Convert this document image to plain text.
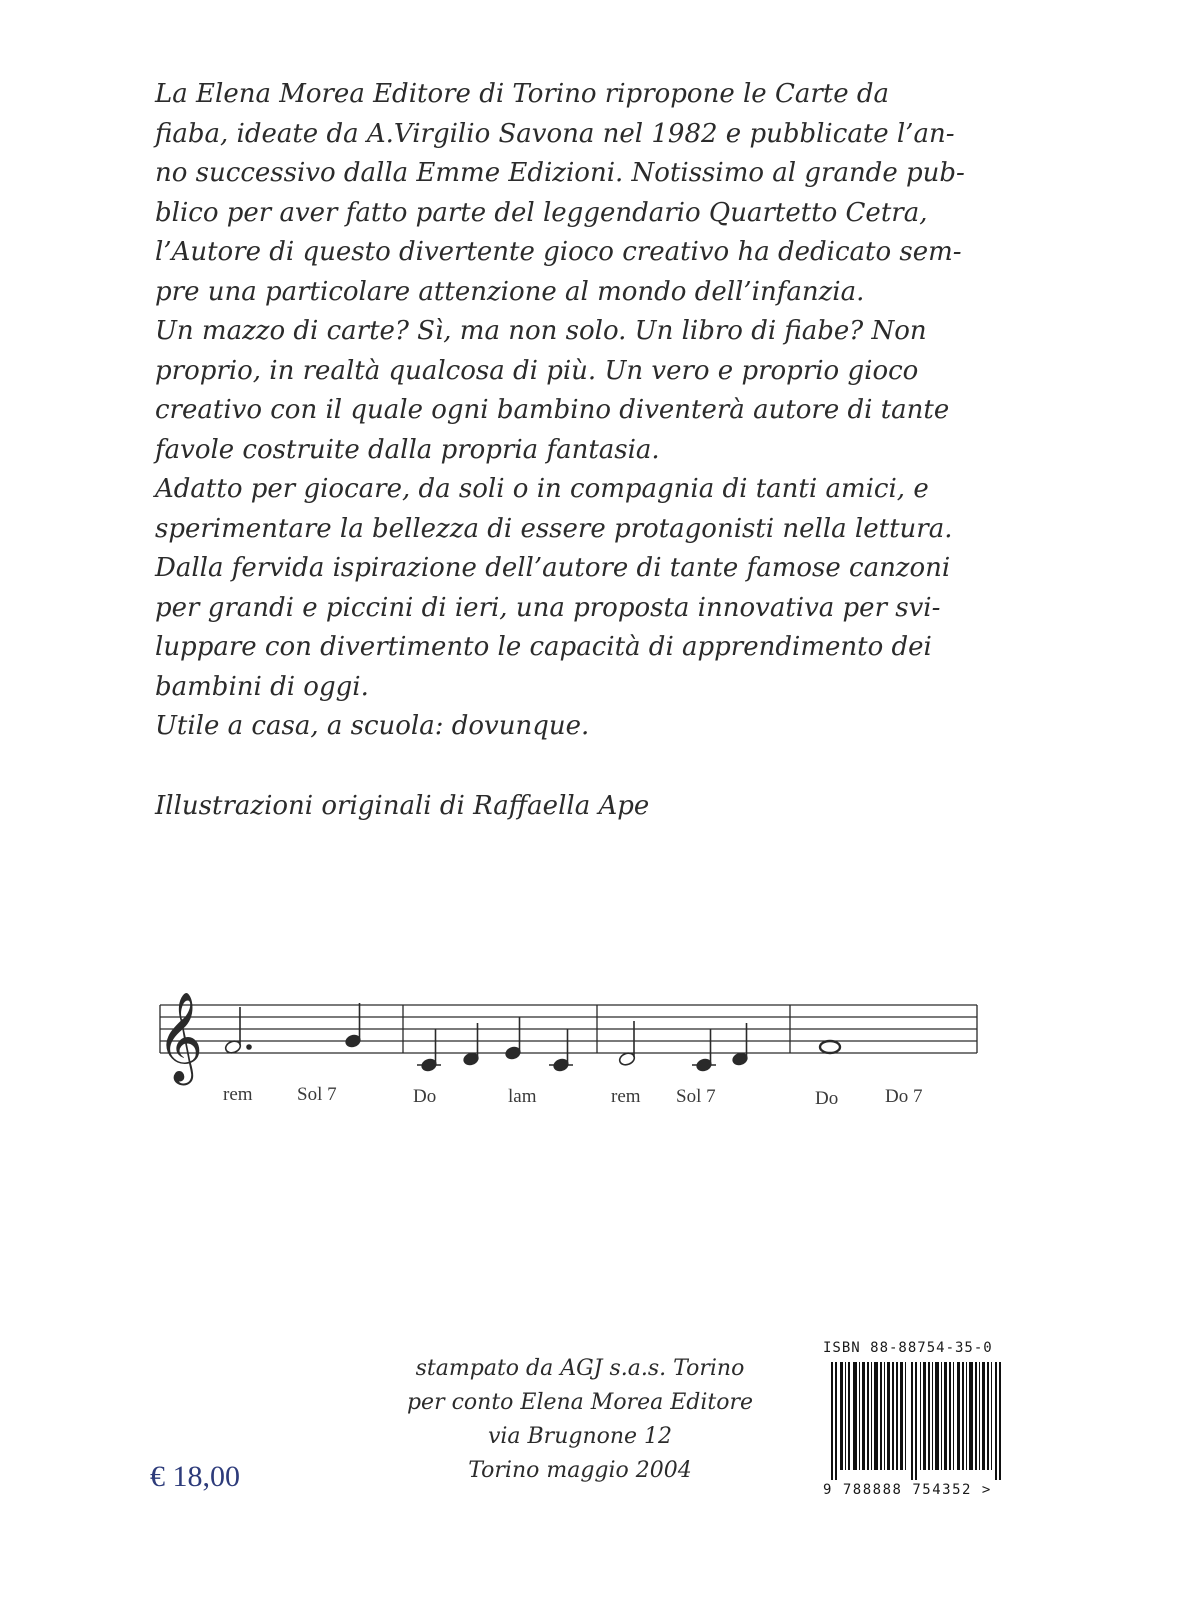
La Elena Morea Editore di Torino ripropone le Carte da
fiaba, ideate da A.Virgilio Savona nel 1982 e pubblicate l’an-
no successivo dalla Emme Edizioni. Notissimo al grande pub-
blico per aver fatto parte del leggendario Quartetto Cetra,
l’Autore di questo divertente gioco creativo ha dedicato sem-
pre una particolare attenzione al mondo dell’infanzia.
Un mazzo di carte? Sì, ma non solo. Un libro di fiabe? Non
proprio, in realtà qualcosa di più. Un vero e proprio gioco
creativo con il quale ogni bambino diventerà autore di tante
favole costruite dalla propria fantasia.
Adatto per giocare, da soli o in compagnia di tanti amici, e
sperimentare la bellezza di essere protagonisti nella lettura.
Dalla fervida ispirazione dell’autore di tante famose canzoni
per grandi e piccini di ieri, una proposta innovativa per svi-
luppare con divertimento le capacità di apprendimento dei
bambini di oggi.
Utile a casa, a scuola: dovunque.
Illustrazioni originali di Raffaella Ape
𝄞
rem Sol 7	Do	lam	rem Sol 7	Do Do 7
stampato da AGJ s.a.s. Torino
per conto Elena Morea Editore
via Brugnone 12
Torino maggio 2004
€ 18,00
ISBN 88-88754-35-0
9 788888 754352 >
